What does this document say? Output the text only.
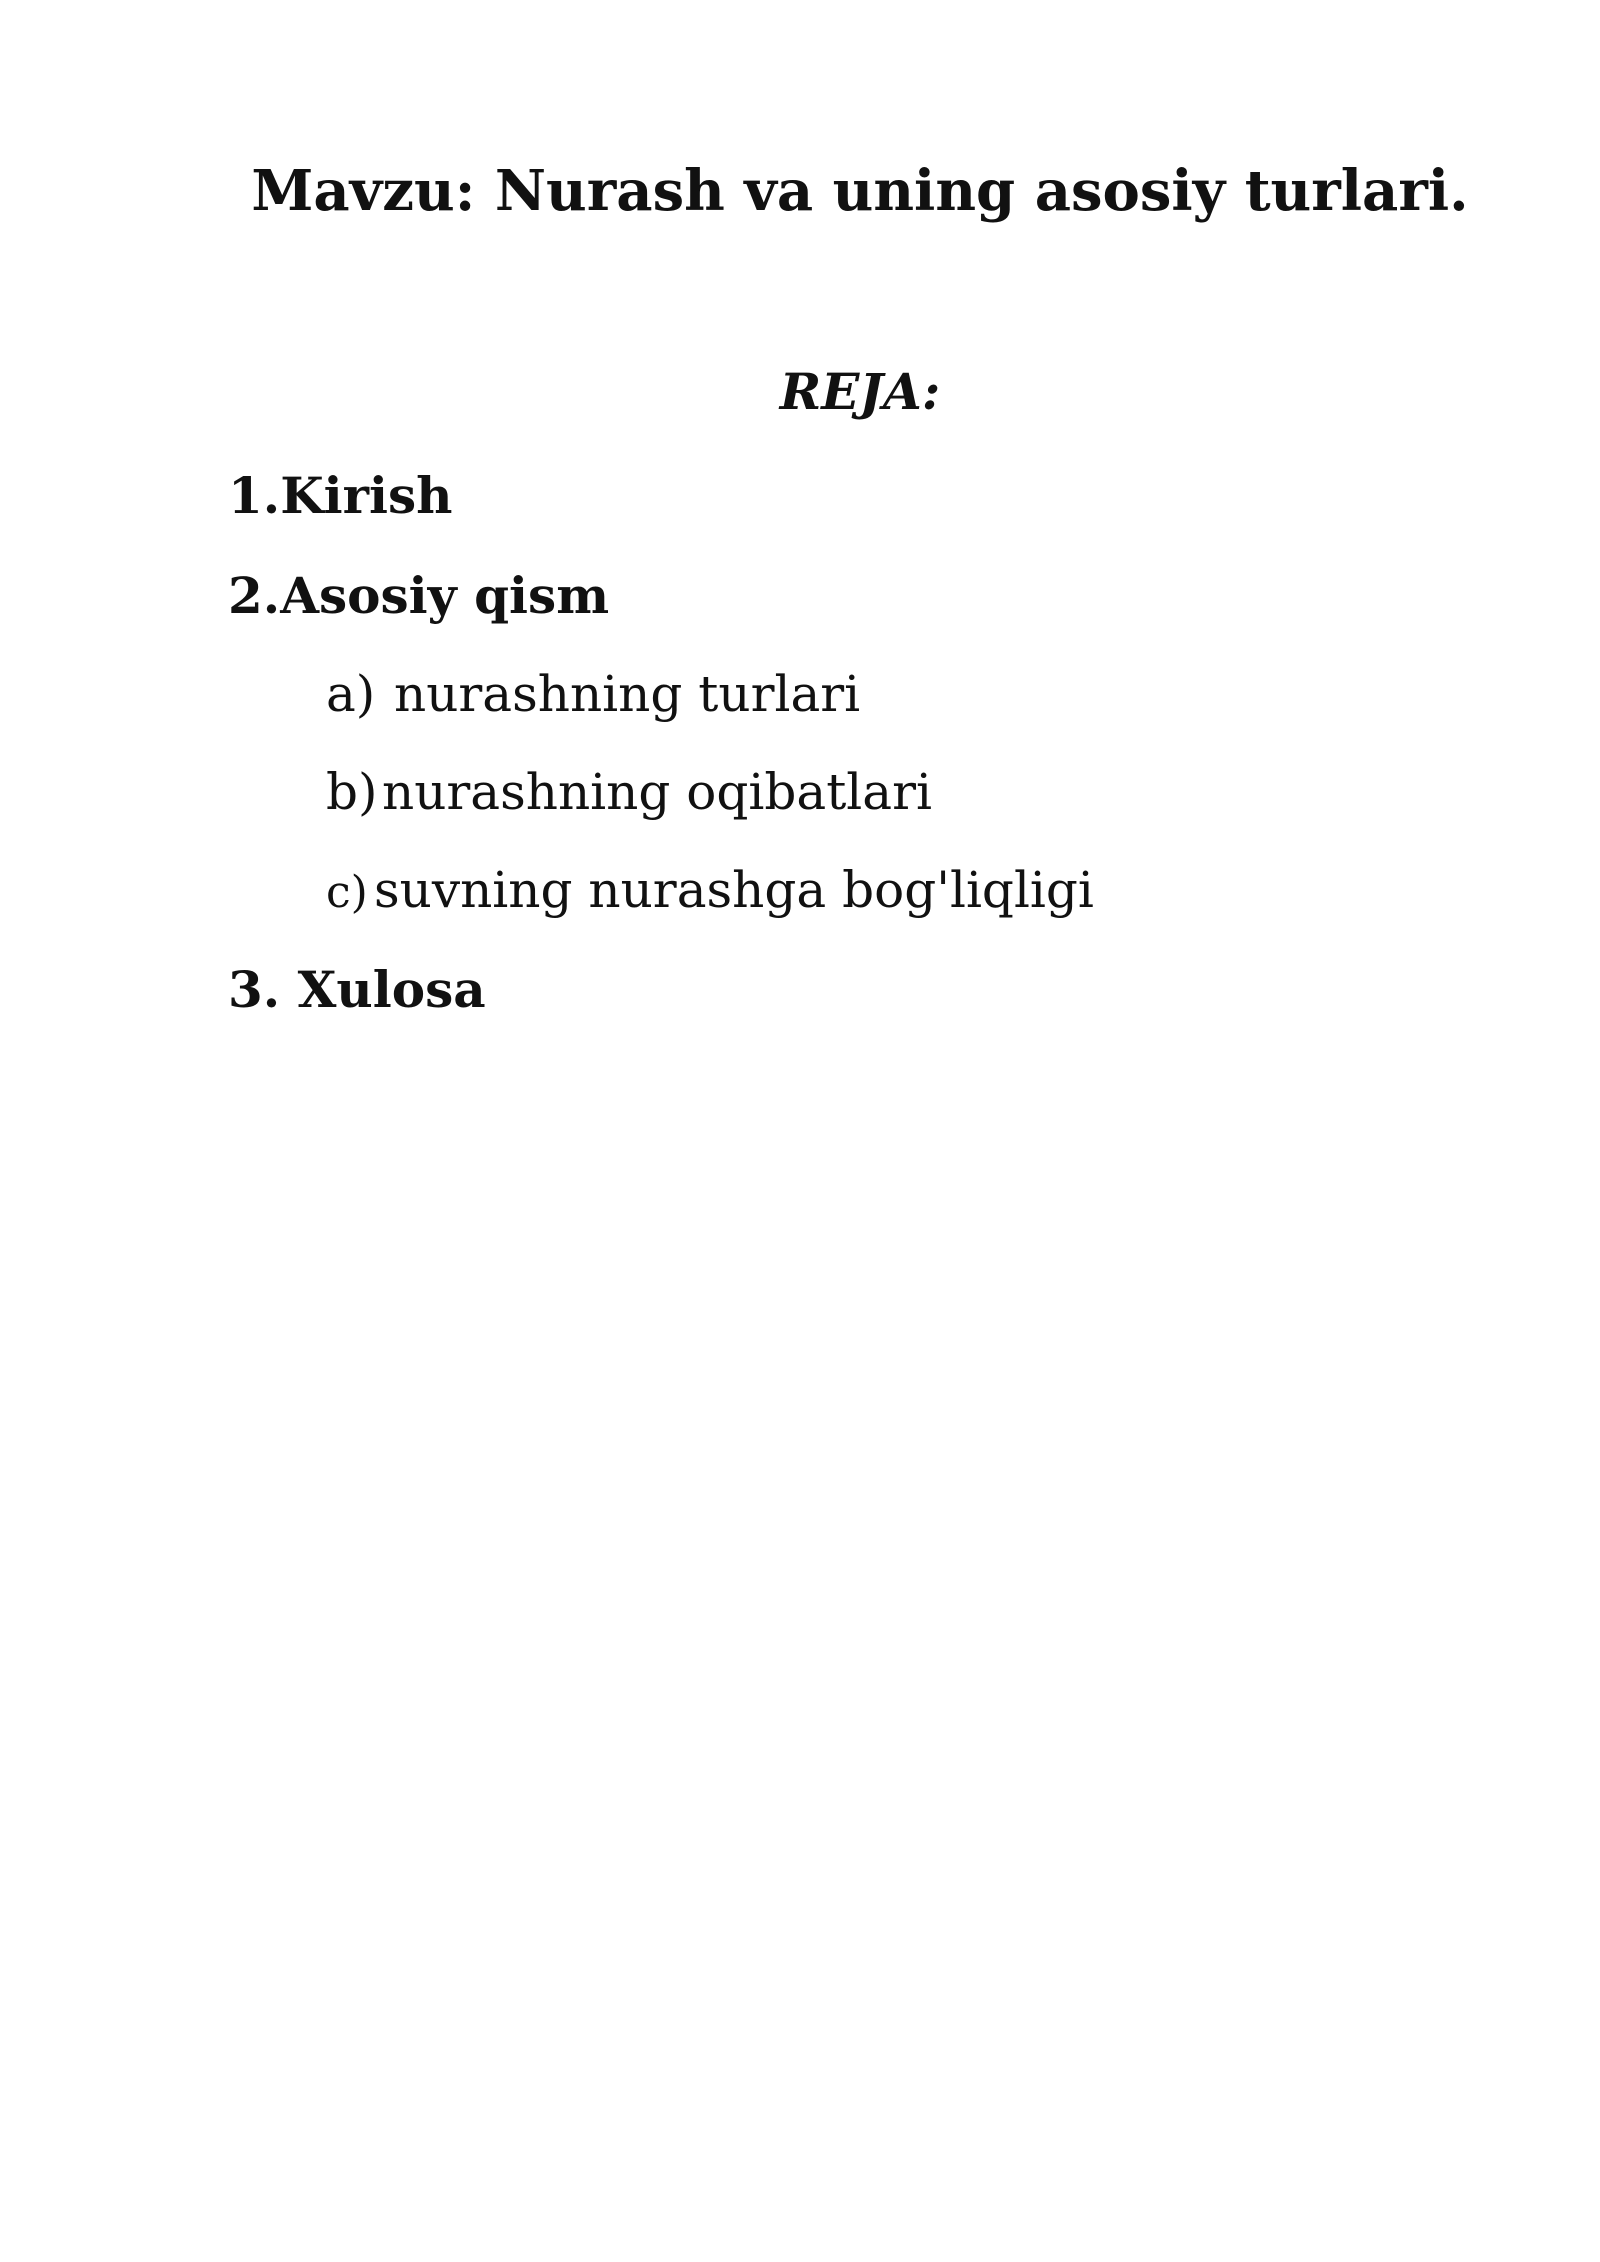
Mavzu: Nurash va uning asosiy turlari.
REJA:

1.Kirish

2.Asosiy qism

a) nurashning turlari

b)nurashning oqibatlari

c) suvning nurashga bog'liqligi

3. Xulosa
